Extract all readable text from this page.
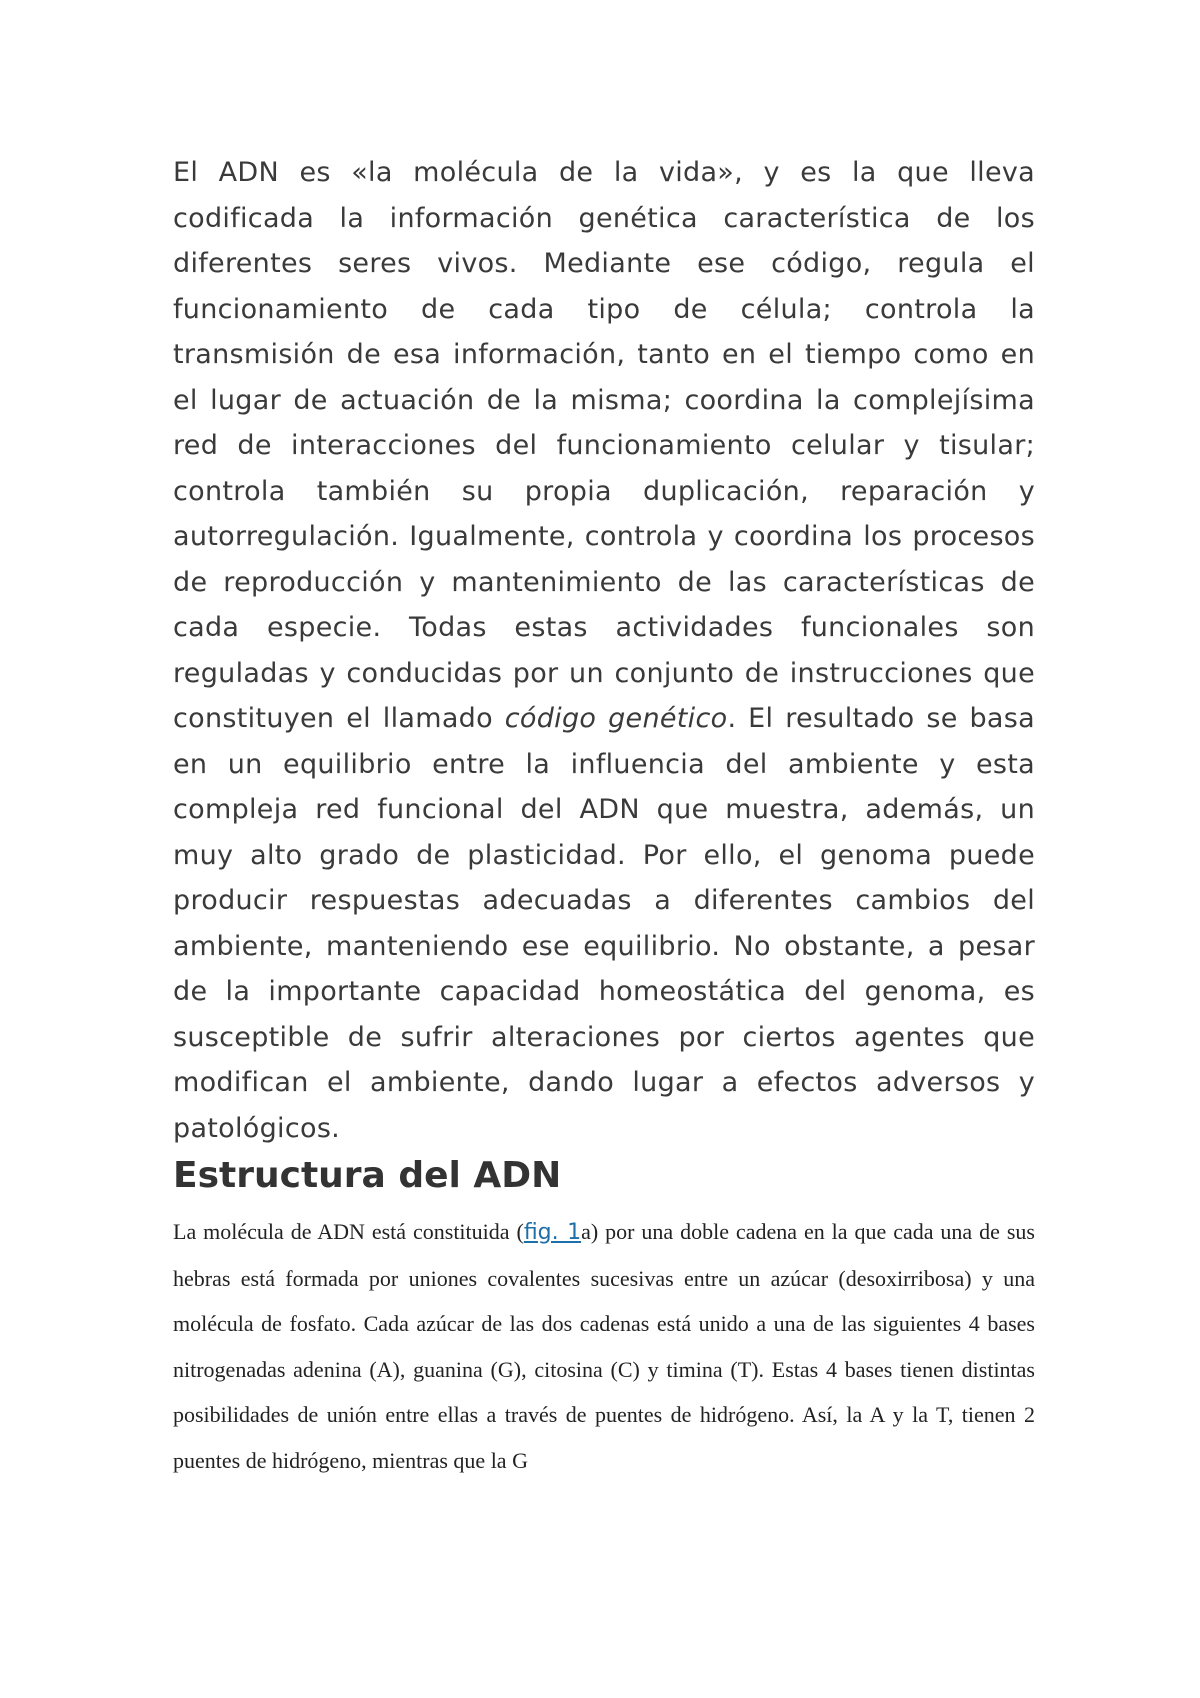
El ADN es «la molécula de la vida», y es la que lleva codificada la información genética característica de los diferentes seres vivos. Mediante ese código, regula el funcionamiento de cada tipo de célula; controla la transmisión de esa información, tanto en el tiempo como en el lugar de actuación de la misma; coordina la complejísima red de interacciones del funcionamiento celular y tisular; controla también su propia duplicación, reparación y autorregulación. Igualmente, controla y coordina los procesos de reproducción y mantenimiento de las características de cada especie. Todas estas actividades funcionales son reguladas y conducidas por un conjunto de instrucciones que constituyen el llamado código genético. El resultado se basa en un equilibrio entre la influencia del ambiente y esta compleja red funcional del ADN que muestra, además, un muy alto grado de plasticidad. Por ello, el genoma puede producir respuestas adecuadas a diferentes cambios del ambiente, manteniendo ese equilibrio. No obstante, a pesar de la importante capacidad homeostática del genoma, es susceptible de sufrir alteraciones por ciertos agentes que modifican el ambiente, dando lugar a efectos adversos y patológicos.

Estructura del ADN

La molécula de ADN está constituida (fig. 1a) por una doble cadena en la que cada una de sus hebras está formada por uniones covalentes sucesivas entre un azúcar (desoxirribosa) y una molécula de fosfato. Cada azúcar de las dos cadenas está unido a una de las siguientes 4 bases nitrogenadas adenina (A), guanina (G), citosina (C) y timina (T). Estas 4 bases tienen distintas posibilidades de unión entre ellas a través de puentes de hidrógeno. Así, la A y la T, tienen 2 puentes de hidrógeno, mientras que la G
